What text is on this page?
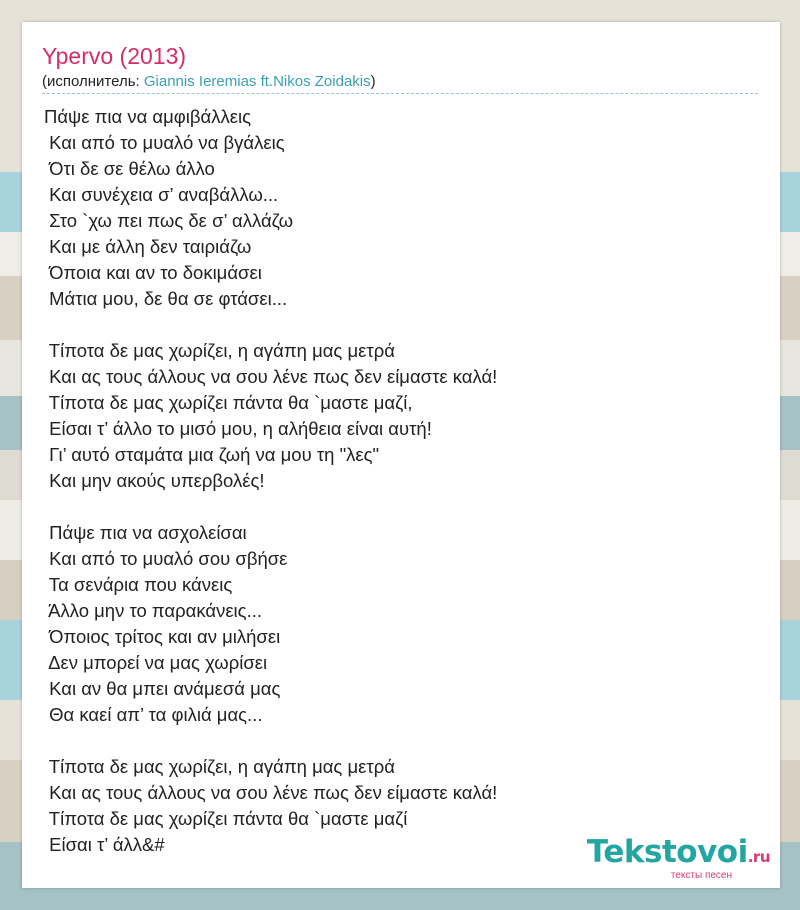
Ypervo (2013)
(исполнитель: Giannis Ieremias ft.Nikos Zoidakis)
Πάψε πια να αμφιβάλλεις
Και από το μυαλό να βγάλεις
Ότι δε σε θέλω άλλο
Και συνέχεια σ’ αναβάλλω...
Στο `χω πει πως δε σ’ αλλάζω
Και με άλλη δεν ταιριάζω
Όποια και αν το δοκιμάσει
Μάτια μου, δε θα σε φτάσει...
Τίποτα δε μας χωρίζει, η αγάπη μας μετρά
Και ας τους άλλους να σου λένε πως δεν είμαστε καλά!
Τίποτα δε μας χωρίζει πάντα θα `μαστε μαζί,
Είσαι τ’ άλλο το μισό μου, η αλήθεια είναι αυτή!
Γι’ αυτό σταμάτα μια ζωή να μου τη "λες"
Και μην ακούς υπερβολές!
Πάψε πια να ασχολείσαι
Και από το μυαλό σου σβήσε
Τα σενάρια που κάνεις
Άλλο μην το παρακάνεις...
Όποιος τρίτος και αν μιλήσει
Δεν μπορεί να μας χωρίσει
Και αν θα μπει ανάμεσά μας
Θα καεί απ’ τα φιλιά μας...
Τίποτα δε μας χωρίζει, η αγάπη μας μετρά
Και ας τους άλλους να σου λένε πως δεν είμαστε καλά!
Τίποτα δε μας χωρίζει πάντα θα `μαστε μαζί
Είσαι τ’ άλλ&#	Tekstovoi.ru
тексты песен
